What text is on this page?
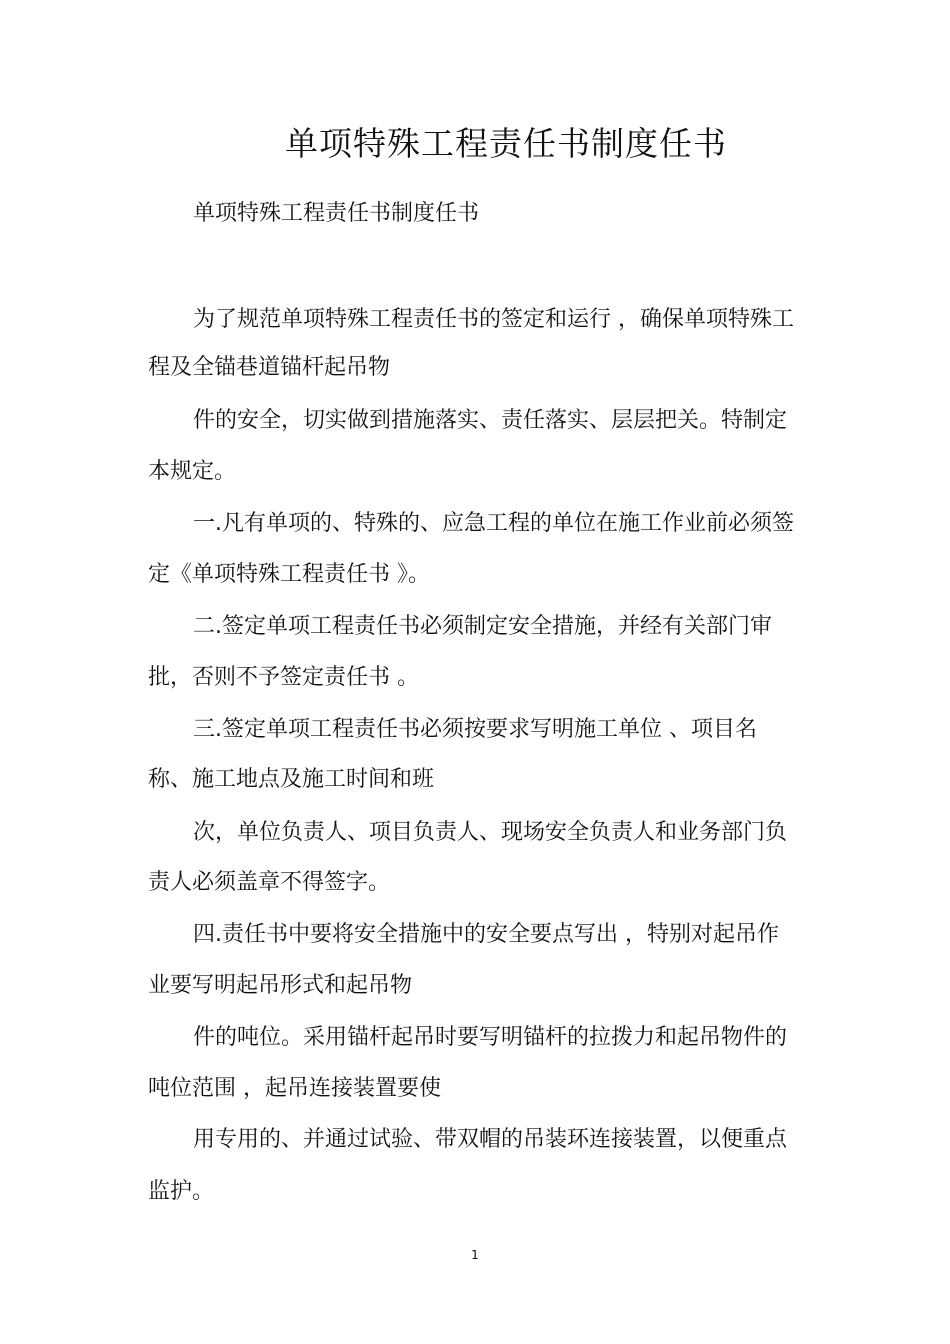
单项特殊工程责任书制度任书

单项特殊工程责任书制度任书

为了规范单项特殊工程责任书的签定和运行 ，确保单项特殊工

程及全锚巷道锚杆起吊物

件的安全，切实做到措施落实、责任落实、层层把关。特制定

本规定。

一.凡有单项的、特殊的、应急工程的单位在施工作业前必须签

定《单项特殊工程责任书 》。

二.签定单项工程责任书必须制定安全措施，并经有关部门审

批，否则不予签定责任书 。

三.签定单项工程责任书必须按要求写明施工单位 、项目名

称、施工地点及施工时间和班

次，单位负责人、项目负责人、现场安全负责人和业务部门负

责人必须盖章不得签字。

四.责任书中要将安全措施中的安全要点写出 ，特别对起吊作

业要写明起吊形式和起吊物

件的吨位。采用锚杆起吊时要写明锚杆的拉拨力和起吊物件的

吨位范围 ，起吊连接装置要使

用专用的、并通过试验、带双帽的吊装环连接装置，以便重点

监护。

1
